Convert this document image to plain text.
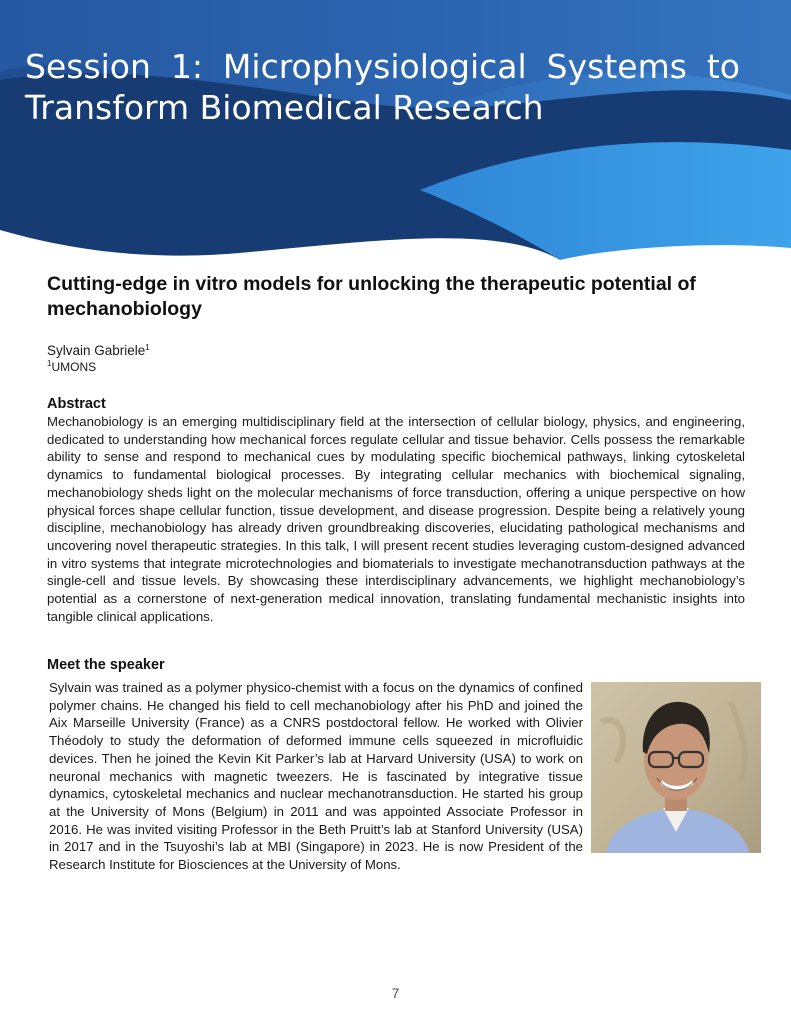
Session 1: Microphysiological Systems to
Transform Biomedical Research
Cutting-edge in vitro models for unlocking the therapeutic potential of mechanobiology
Sylvain Gabriele$^1$
$^1$UMONS
Abstract

Mechanobiology is an emerging multidisciplinary field at the intersection of cellular biology, physics, and engineering, dedicated to understanding how mechanical forces regulate cellular and tissue behavior. Cells possess the remarkable ability to sense and respond to mechanical cues by modulating specific biochemical pathways, linking cytoskeletal dynamics to fundamental biological processes. By integrating cellular mechanics with biochemical signaling, mechanobiology sheds light on the molecular mechanisms of force transduction, offering a unique perspective on how physical forces shape cellular function, tissue development, and disease progression. Despite being a relatively young discipline, mechanobiology has already driven groundbreaking discoveries, elucidating pathological mechanisms and uncovering novel therapeutic strategies. In this talk, I will present recent studies leveraging custom-designed advanced in vitro systems that integrate microtechnologies and biomaterials to investigate mechanotransduction pathways at the single-cell and tissue levels. By showcasing these interdisciplinary advancements, we highlight mechanobiology’s potential as a cornerstone of next-generation medical innovation, translating fundamental mechanistic insights into tangible clinical applications.

Meet the speaker

Sylvain was trained as a polymer physico-chemist with a focus on the dynamics of confined polymer chains. He changed his field to cell mechanobiology after his PhD and joined the Aix Marseille University (France) as a CNRS postdoctoral fellow. He worked with Olivier Théodoly to study the deformation of deformed immune cells squeezed in microfluidic devices. Then he joined the Kevin Kit Parker’s lab at Harvard University (USA) to work on neuronal mechanics with magnetic tweezers. He is fascinated by integrative tissue dynamics, cytoskeletal mechanics and nuclear mechanotransduction. He started his group at the University of Mons (Belgium) in 2011 and was appointed Associate Professor in 2016. He was invited visiting Professor in the Beth Pruitt’s lab at Stanford University (USA) in 2017 and in the Tsuyoshi’s lab at MBI (Singapore) in 2023. He is now President of the Research Institute for Biosciences at the University of Mons.

7
